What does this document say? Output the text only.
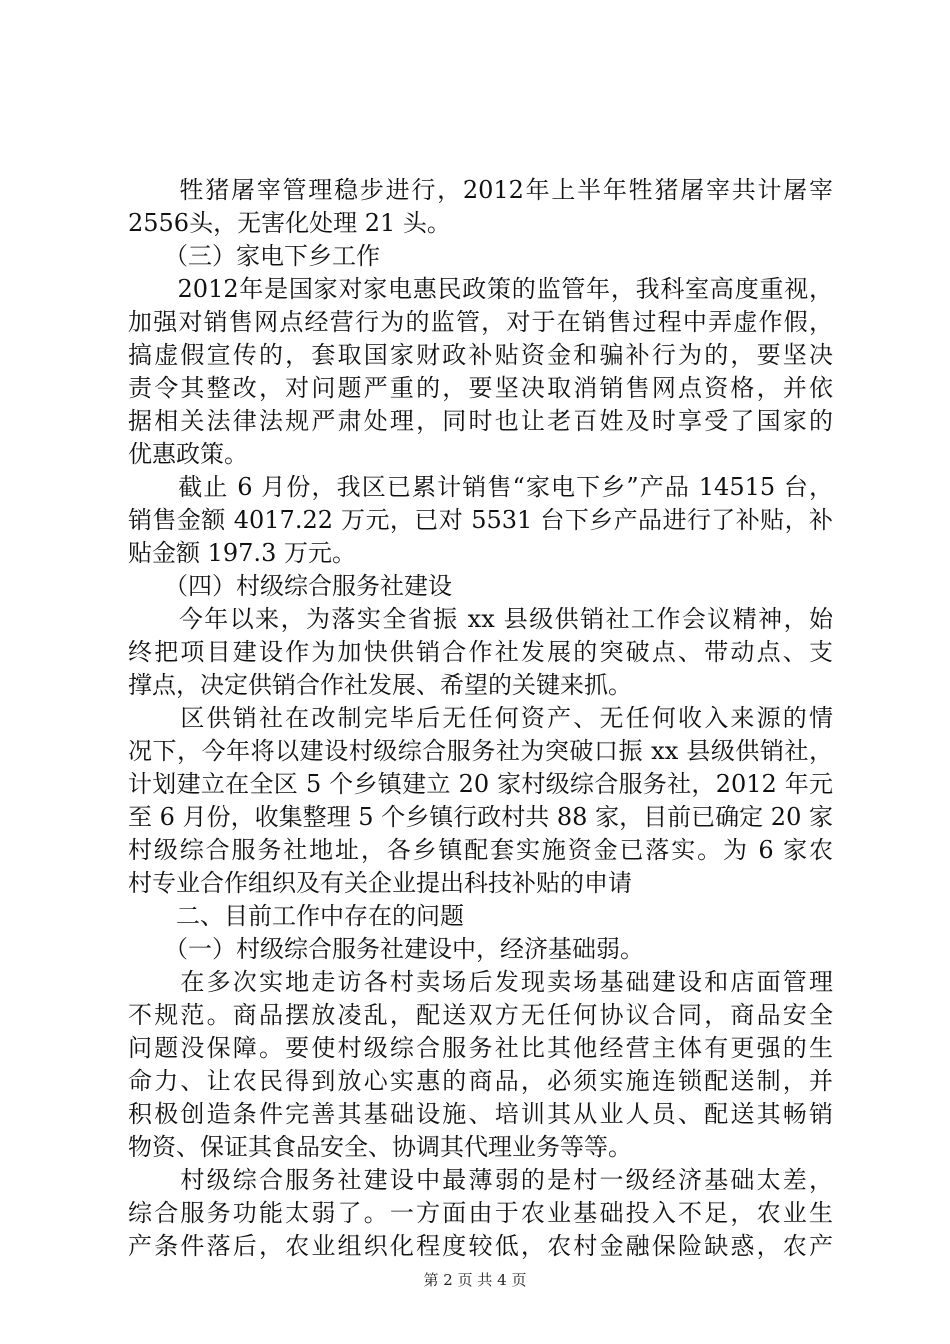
　　牲猪屠宰管理稳步进行，2012年上半年牲猪屠宰共计屠宰
2556头，无害化处理 21 头。
　　（三）家电下乡工作
　　2012年是国家对家电惠民政策的监管年，我科室高度重视，
加强对销售网点经营行为的监管，对于在销售过程中弄虚作假，
搞虚假宣传的，套取国家财政补贴资金和骗补行为的，要坚决
责令其整改，对问题严重的，要坚决取消销售网点资格，并依
据相关法律法规严肃处理，同时也让老百姓及时享受了国家的
优惠政策。
　　截止 6 月份，我区已累计销售“家电下乡”产品 14515 台，
销售金额 4017.22 万元，已对 5531 台下乡产品进行了补贴，补
贴金额 197.3 万元。
　　（四）村级综合服务社建设
　　今年以来，为落实全省振 xx 县级供销社工作会议精神，始
终把项目建设作为加快供销合作社发展的突破点、带动点、支
撑点，决定供销合作社发展、希望的关键来抓。
　　区供销社在改制完毕后无任何资产、无任何收入来源的情
况下，今年将以建设村级综合服务社为突破口振 xx 县级供销社，
计划建立在全区 5 个乡镇建立 20 家村级综合服务社，2012 年元
至 6 月份，收集整理 5 个乡镇行政村共 88 家，目前已确定 20 家
村级综合服务社地址，各乡镇配套实施资金已落实。为 6 家农
村专业合作组织及有关企业提出科技补贴的申请
　　二、目前工作中存在的问题
　　（一）村级综合服务社建设中，经济基础弱。
　　在多次实地走访各村卖场后发现卖场基础建设和店面管理
不规范。商品摆放凌乱，配送双方无任何协议合同，商品安全
问题没保障。要使村级综合服务社比其他经营主体有更强的生
命力、让农民得到放心实惠的商品，必须实施连锁配送制，并
积极创造条件完善其基础设施、培训其从业人员、配送其畅销
物资、保证其食品安全、协调其代理业务等等。
　　村级综合服务社建设中最薄弱的是村一级经济基础太差，
综合服务功能太弱了。一方面由于农业基础投入不足，农业生
产条件落后，农业组织化程度较低，农村金融保险缺惑，农产
第 2 页 共 4 页
